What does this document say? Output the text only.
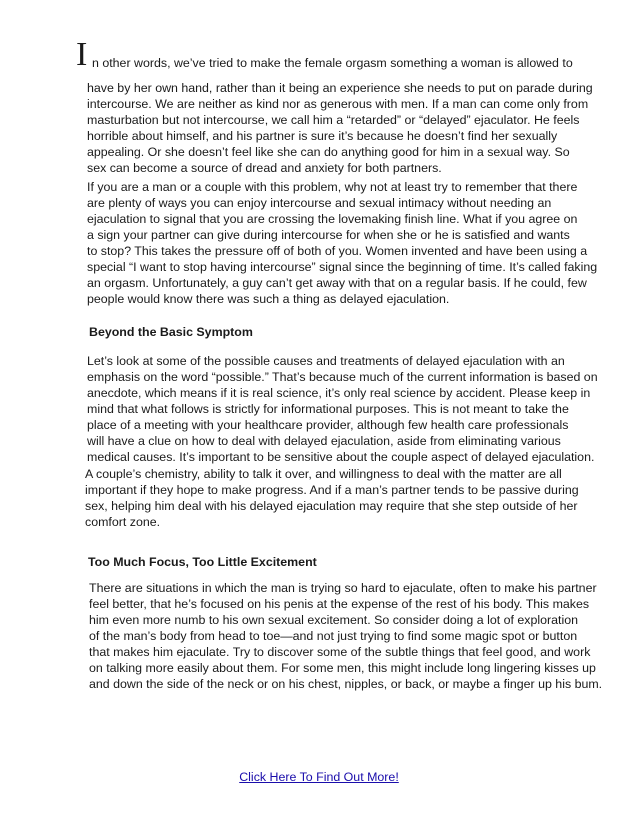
I n other words, we’ve tried to make the female orgasm something a woman is allowed to
have by her own hand, rather than it being an experience she needs to put on parade during
intercourse. We are neither as kind nor as generous with men. If a man can come only from
masturbation but not intercourse, we call him a “retarded” or “delayed” ejaculator. He feels
horrible about himself, and his partner is sure it’s because he doesn’t find her sexually
appealing. Or she doesn’t feel like she can do anything good for him in a sexual way. So
sex can become a source of dread and anxiety for both partners.
If you are a man or a couple with this problem, why not at least try to remember that there
are plenty of ways you can enjoy intercourse and sexual intimacy without needing an
ejaculation to signal that you are crossing the lovemaking finish line. What if you agree on
a sign your partner can give during intercourse for when she or he is satisfied and wants
to stop? This takes the pressure off of both of you. Women invented and have been using a
special “I want to stop having intercourse” signal since the beginning of time. It’s called faking
an orgasm. Unfortunately, a guy can’t get away with that on a regular basis. If he could, few
people would know there was such a thing as delayed ejaculation.
Let’s look at some of the possible causes and treatments of delayed ejaculation with an
emphasis on the word “possible.” That’s because much of the current information is based on
anecdote, which means if it is real science, it’s only real science by accident. Please keep in
mind that what follows is strictly for informational purposes. This is not meant to take the
place of a meeting with your healthcare provider, although few health care professionals
will have a clue on how to deal with delayed ejaculation, aside from eliminating various
medical causes. It’s important to be sensitive about the couple aspect of delayed ejaculation.
A couple’s chemistry, ability to talk it over, and willingness to deal with the matter are all
important if they hope to make progress. And if a man’s partner tends to be passive during
sex, helping him deal with his delayed ejaculation may require that she step outside of her
comfort zone.
There are situations in which the man is trying so hard to ejaculate, often to make his partner
feel better, that he’s focused on his penis at the expense of the rest of his body. This makes
him even more numb to his own sexual excitement. So consider doing a lot of exploration
of the man’s body from head to toe—and not just trying to find some magic spot or button
that makes him ejaculate. Try to discover some of the subtle things that feel good, and work
on talking more easily about them. For some men, this might include long lingering kisses up
and down the side of the neck or on his chest, nipples, or back, or maybe a finger up his bum.
Beyond the Basic Symptom
Too Much Focus, Too Little Excitement
Click Here To Find Out More!
